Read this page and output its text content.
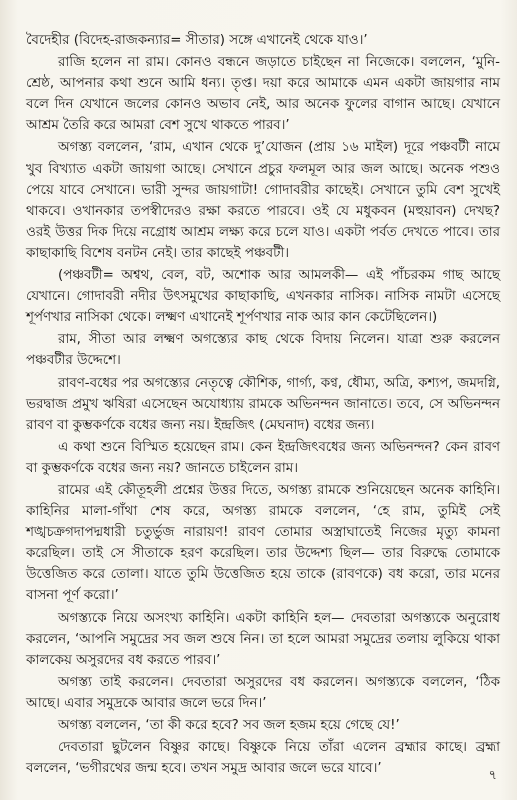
বৈদেহীর (বিদেহ-রাজকন্যার= সীতার) সঙ্গে এখানেই থেকে যাও।’

রাজি হলেন না রাম। কোনও বন্ধনে জড়াতে চাইছেন না নিজেকে। বললেন, ‘মুনি-শ্রেষ্ঠ, আপনার কথা শুনে আমি ধন্য। তৃপ্ত। দয়া করে আমাকে এমন একটা জায়গার নাম বলে দিন যেখানে জলের কোনও অভাব নেই, আর অনেক ফুলের বাগান আছে। যেখানে আশ্রম তৈরি করে আমরা বেশ সুখে থাকতে পারব।’

অগস্ত্য বললেন, ‘রাম, এখান থেকে দু’যোজন (প্রায় ১৬ মাইল) দূরে পঞ্চবটী নামে খুব বিখ্যাত একটা জায়গা আছে। সেখানে প্রচুর ফলমূল আর জল আছে। অনেক পশুও পেয়ে যাবে সেখানে। ভারী সুন্দর জায়গাটা! গোদাবরীর কাছেই। সেখানে তুমি বেশ সুখেই থাকবে। ওখানকার তপস্বীদেরও রক্ষা করতে পারবে। ওই যে মধুকবন (মহুয়াবন) দেখছ? ওরই উত্তর দিক দিয়ে নগ্রোধ আশ্রম লক্ষ্য করে চলে যাও। একটা পর্বত দেখতে পাবে। তার কাছাকাছি বিশেষ বনটন নেই। তার কাছেই পঞ্চবটী।

(পঞ্চবটী= অশ্বথ, বেল, বট, অশোক আর আমলকী— এই পাঁচরকম গাছ আছে যেখানে। গোদাবরী নদীর উৎসমুখের কাছাকাছি, এখনকার নাসিক। নাসিক নামটা এসেছে শূর্পণখার নাসিকা থেকে। লক্ষ্মণ এখানেই শূর্পণখার নাক আর কান কেটেছিলেন।)

রাম, সীতা আর লক্ষ্মণ অগস্ত্যের কাছ থেকে বিদায় নিলেন। যাত্রা শুরু করলেন পঞ্চবটীর উদ্দেশে।

রাবণ-বধের পর অগস্ত্যের নেতৃত্বে কৌশিক, গার্গ্য, কণ্ব, ধৌম্য, অত্রি, কশ্যপ, জমদগ্নি, ভরদ্বাজ প্রমুখ ঋষিরা এসেছেন অযোধ্যায় রামকে অভিনন্দন জানাতে। তবে, সে অভিনন্দন রাবণ বা কুম্ভকর্ণকে বধের জন্য নয়। ইন্দ্রজিৎ (মেঘনাদ) বধের জন্য।

এ কথা শুনে বিস্মিত হয়েছেন রাম। কেন ইন্দ্রজিৎবধের জন্য অভিনন্দন? কেন রাবণ বা কুম্ভকর্ণকে বধের জন্য নয়? জানতে চাইলেন রাম।

রামের এই কৌতূহলী প্রশ্নের উত্তর দিতে, অগস্ত্য রামকে শুনিয়েছেন অনেক কাহিনি। কাহিনির মালা-গাঁথা শেষ করে, অগস্ত্য রামকে বললেন, ‘হে রাম, তুমিই সেই শঙ্খচক্রগদাপদ্মধারী চতুর্ভুজ নারায়ণ! রাবণ তোমার অস্ত্রাঘাতেই নিজের মৃত্যু কামনা করেছিল। তাই সে সীতাকে হরণ করেছিল। তার উদ্দেশ্য ছিল— তার বিরুদ্ধে তোমাকে উত্তেজিত করে তোলা। যাতে তুমি উত্তেজিত হয়ে তাকে (রাবণকে) বধ করো, তার মনের বাসনা পূর্ণ করো।’

অগস্ত্যকে নিয়ে অসংখ্য কাহিনি। একটা কাহিনি হল— দেবতারা অগস্ত্যকে অনুরোধ করলেন, ‘আপনি সমুদ্রের সব জল শুষে নিন। তা হলে আমরা সমুদ্রের তলায় লুকিয়ে থাকা কালকেয় অসুরদের বধ করতে পারব।’

অগস্ত্য তাই করলেন। দেবতারা অসুরদের বধ করলেন। অগস্ত্যকে বললেন, ‘ঠিক আছে। এবার সমুদ্রকে আবার জলে ভরে দিন।’

অগস্ত্য বললেন, ‘তা কী করে হবে? সব জল হজম হয়ে গেছে যে!’

দেবতারা ছুটলেন বিষ্ণুর কাছে। বিষ্ণুকে নিয়ে তাঁরা এলেন ব্রহ্মার কাছে। ব্রহ্মা বললেন, ‘ভগীরথের জন্ম হবে। তখন সমুদ্র আবার জলে ভরে যাবে।’	৭
